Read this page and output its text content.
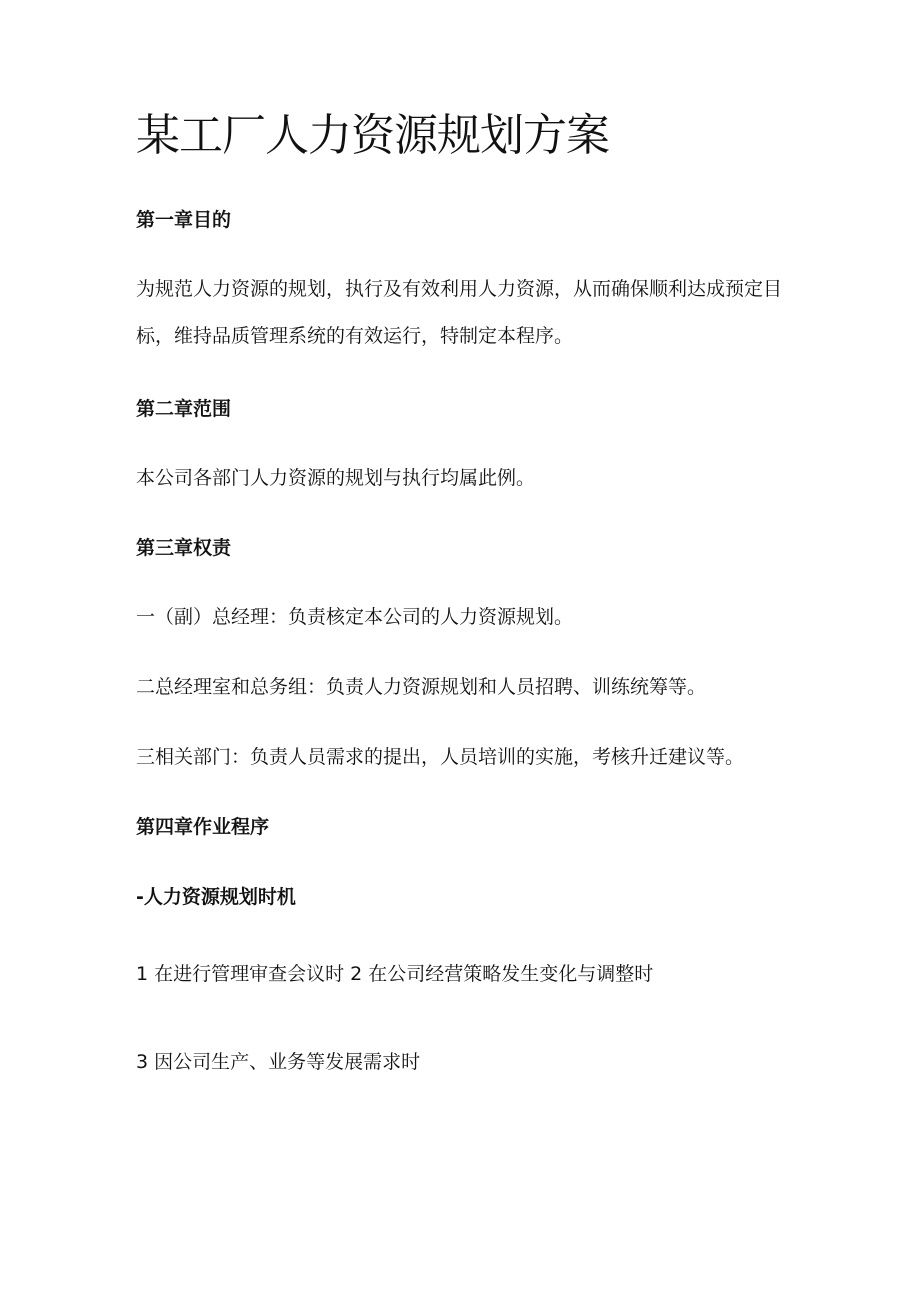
某工厂人力资源规划方案
第一章目的

为规范人力资源的规划，执行及有效利用人力资源，从而确保顺利达成预定目标，维持品质管理系统的有效运行，特制定本程序。

第二章范围

本公司各部门人力资源的规划与执行均属此例。

第三章权责

一（副）总经理：负责核定本公司的人力资源规划。

二总经理室和总务组：负责人力资源规划和人员招聘、训练统筹等。

三相关部门：负责人员需求的提出，人员培训的实施，考核升迁建议等。

第四章作业程序
-人力资源规划时机

1 在进行管理审查会议时 2 在公司经营策略发生变化与调整时

3 因公司生产、业务等发展需求时
